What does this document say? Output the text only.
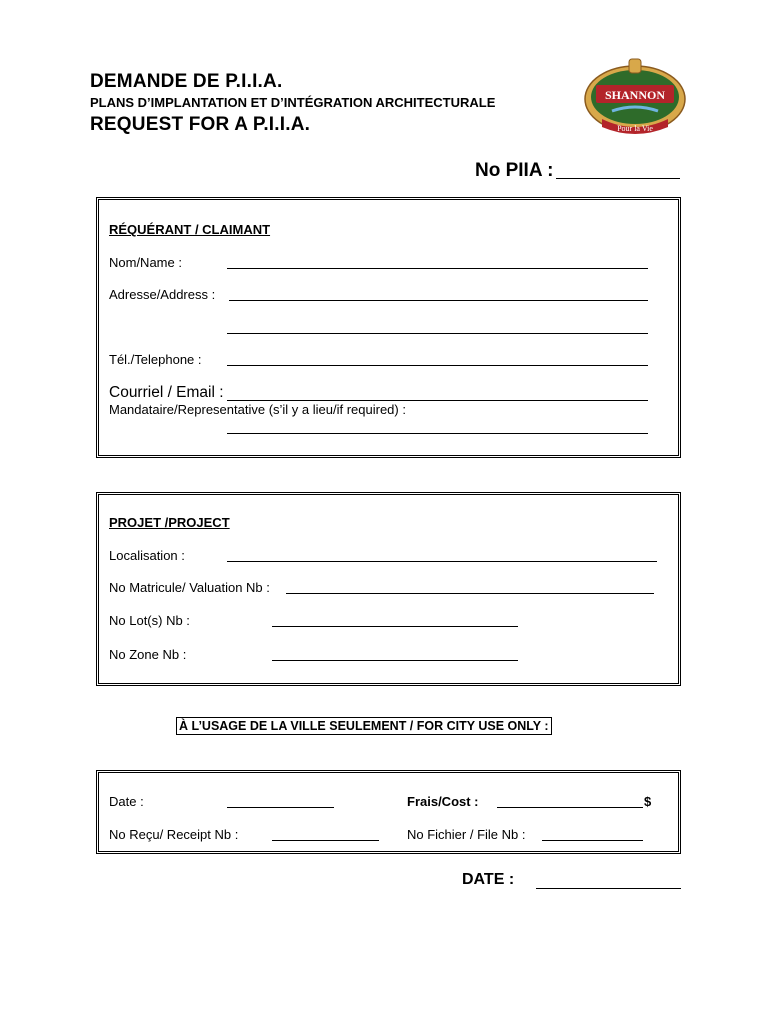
DEMANDE DE P.I.I.A.
PLANS D’IMPLANTATION ET D’INTÉGRATION ARCHITECTURALE
REQUEST FOR A P.I.I.A.
SHANNON
Pour la Vie
No PIIA :
RÉQUÉRANT / CLAIMANT
Nom/Name :
Adresse/Address :
Tél./Telephone :
Courriel / Email :
Mandataire/Representative (s’il y a lieu/if required) :
PROJET /PROJECT
Localisation :
No Matricule/ Valuation Nb :
No Lot(s) Nb :
No Zone Nb :
À L’USAGE DE LA VILLE SEULEMENT / FOR CITY USE ONLY :
Date :	Frais/Cost :	$
No Reçu/ Receipt Nb :	No Fichier / File Nb :
DATE :
